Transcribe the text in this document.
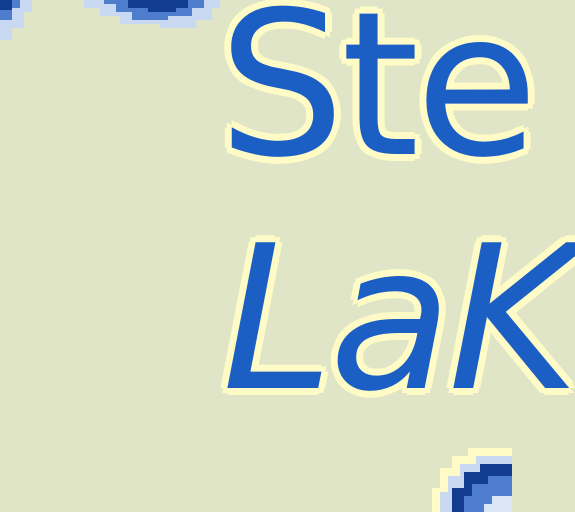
Ste

LaK
